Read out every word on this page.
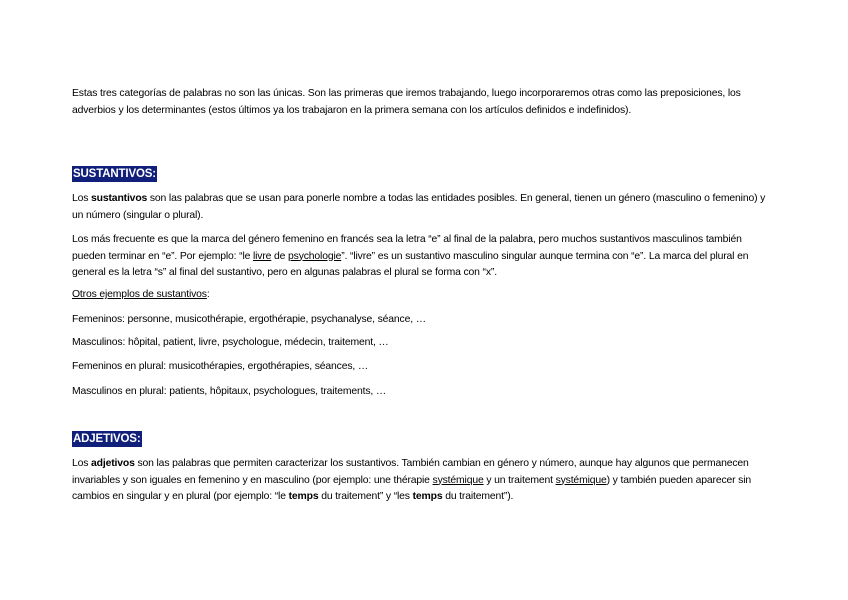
Estas tres categorías de palabras no son las únicas. Son las primeras que iremos trabajando, luego incorporaremos otras como las preposiciones, los adverbios y los determinantes (estos últimos ya los trabajaron en la primera semana con los artículos definidos e indefinidos).

SUSTANTIVOS:

Los sustantivos son las palabras que se usan para ponerle nombre a todas las entidades posibles. En general, tienen un género (masculino o femenino) y un número (singular o plural).

Los más frecuente es que la marca del género femenino en francés sea la letra “e” al final de la palabra, pero muchos sustantivos masculinos también pueden terminar en “e”. Por ejemplo: “le livre de psychologie”. “livre” es un sustantivo masculino singular aunque termina con “e”. La marca del plural en general es la letra “s” al final del sustantivo, pero en algunas palabras el plural se forma con “x”.

Otros ejemplos de sustantivos:

Femeninos: personne, musicothérapie, ergothérapie, psychanalyse, séance, …

Masculinos: hôpital, patient, livre, psychologue, médecin, traitement, …

Femeninos en plural: musicothérapies, ergothérapies, séances, …

Masculinos en plural: patients, hôpitaux, psychologues, traitements, …

ADJETIVOS:

Los adjetivos son las palabras que permiten caracterizar los sustantivos. También cambian en género y número, aunque hay algunos que permanecen invariables y son iguales en femenino y en masculino (por ejemplo: une thérapie systémique y un traitement systémique) y también pueden aparecer sin cambios en singular y en plural (por ejemplo: “le temps du traitement” y “les temps du traitement”).
